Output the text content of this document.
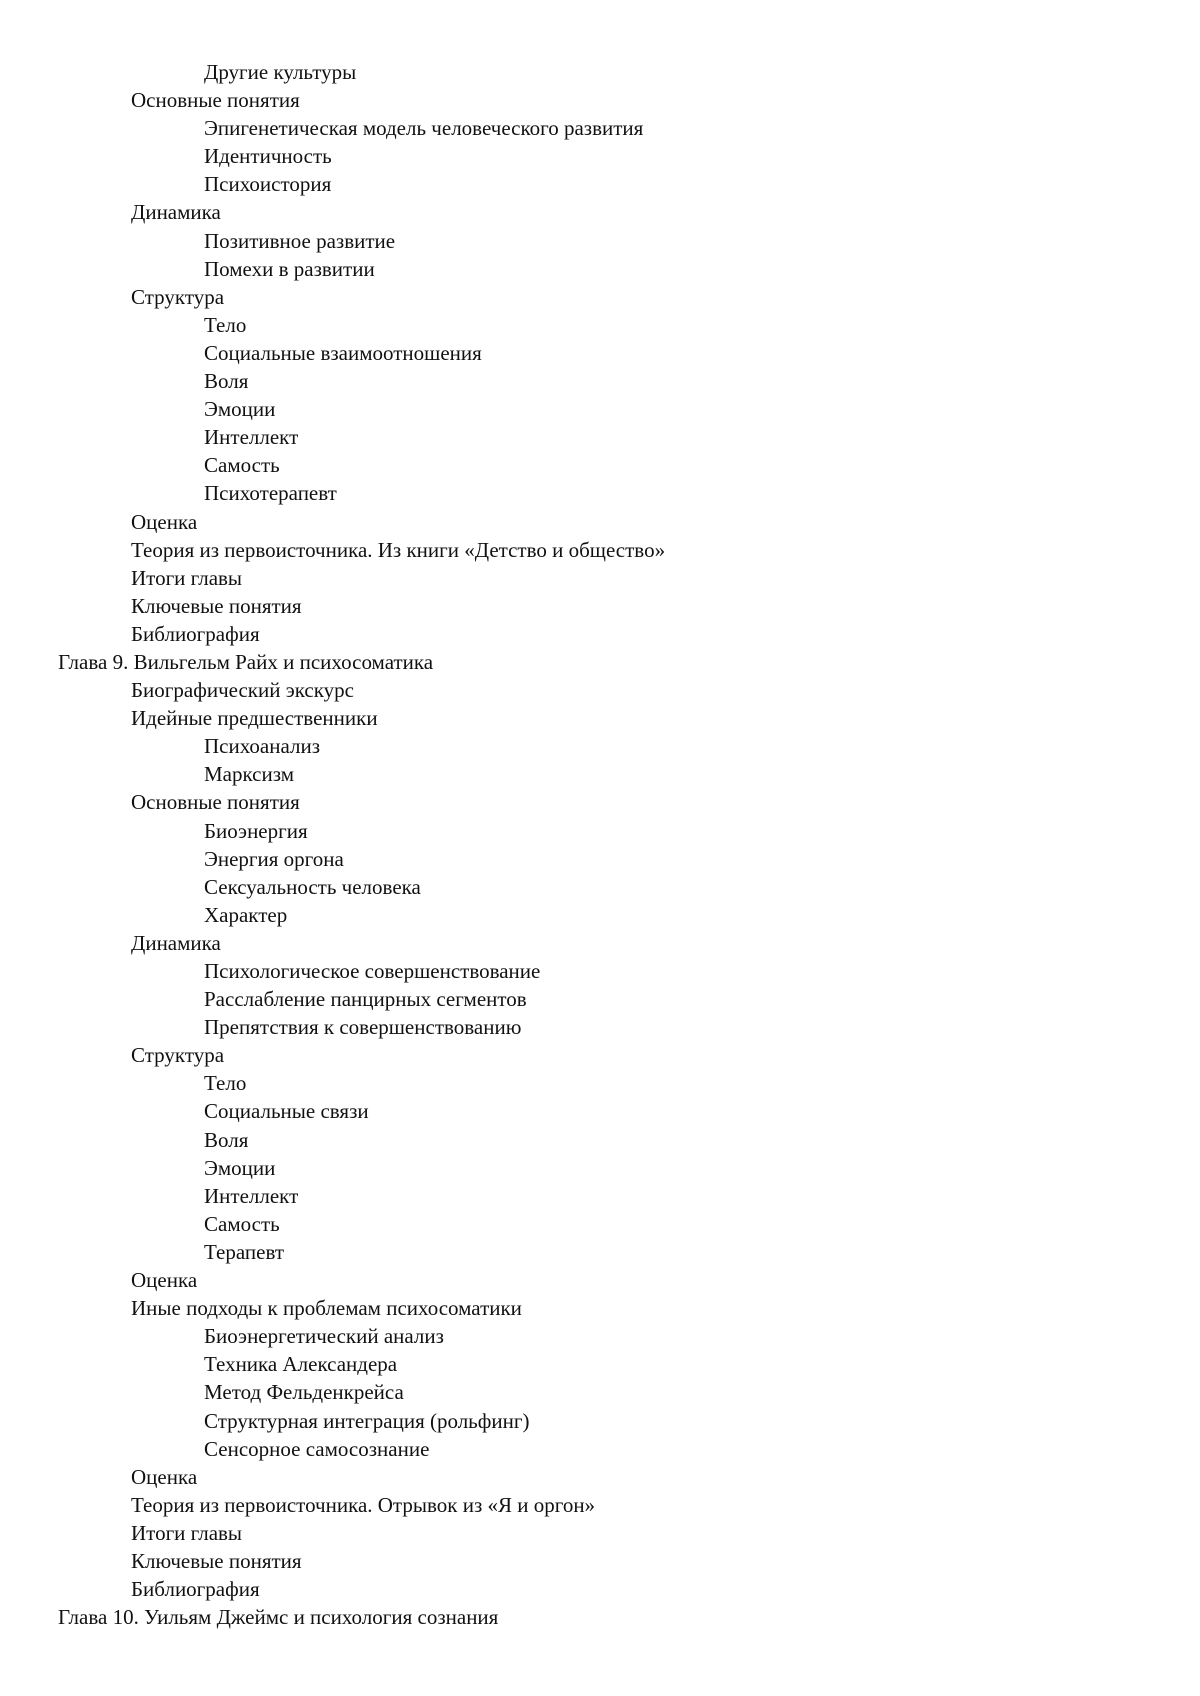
Другие культуры
Основные понятия
Эпигенетическая модель человеческого развития
Идентичность
Психоистория
Динамика
Позитивное развитие
Помехи в развитии
Структура
Тело
Социальные взаимоотношения
Воля
Эмоции
Интеллект
Самость
Психотерапевт
Оценка
Теория из первоисточника. Из книги «Детство и общество»
Итоги главы
Ключевые понятия
Библиография
Глава 9. Вильгельм Райх и психосоматика
Биографический экскурс
Идейные предшественники
Психоанализ
Марксизм
Основные понятия
Биоэнергия
Энергия оргона
Сексуальность человека
Характер
Динамика
Психологическое совершенствование
Расслабление панцирных сегментов
Препятствия к совершенствованию
Структура
Тело
Социальные связи
Воля
Эмоции
Интеллект
Самость
Терапевт
Оценка
Иные подходы к проблемам психосоматики
Биоэнергетический анализ
Техника Александера
Метод Фельденкрейса
Структурная интеграция (рольфинг)
Сенсорное самосознание
Оценка
Теория из первоисточника. Отрывок из «Я и оргон»
Итоги главы
Ключевые понятия
Библиография
Глава 10. Уильям Джеймс и психология сознания
